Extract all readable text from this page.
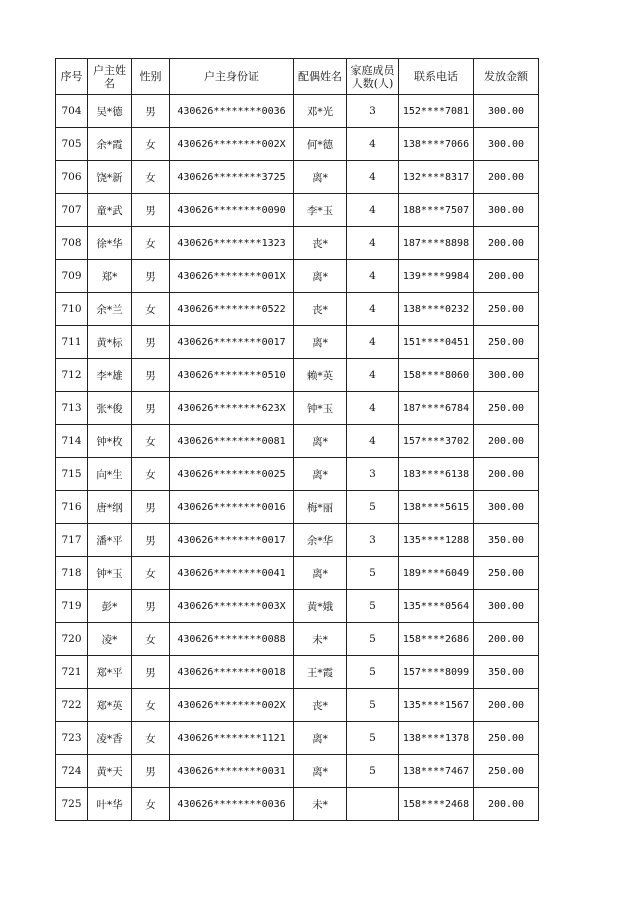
序号	户主姓名	性别	户主身份证	配偶姓名	家庭成员人数(人)	联系电话	发放金额
704	吴*德	男	430626********0036	邓*光	3	152****7081	300.00
705	余*霞	女	430626********002X	何*德	4	138****7066	300.00
706	饶*新	女	430626********3725	离*	4	132****8317	200.00
707	童*武	男	430626********0090	李*玉	4	188****7507	300.00
708	徐*华	女	430626********1323	丧*	4	187****8898	200.00
709	郑*	男	430626********001X	离*	4	139****9984	200.00
710	余*兰	女	430626********0522	丧*	4	138****0232	250.00
711	黄*标	男	430626********0017	离*	4	151****0451	250.00
712	李*雄	男	430626********0510	赖*英	4	158****8060	300.00
713	张*俊	男	430626********623X	钟*玉	4	187****6784	250.00
714	钟*枚	女	430626********0081	离*	4	157****3702	200.00
715	向*生	女	430626********0025	离*	3	183****6138	200.00
716	唐*纲	男	430626********0016	梅*丽	5	138****5615	300.00
717	潘*平	男	430626********0017	余*华	3	135****1288	350.00
718	钟*玉	女	430626********0041	离*	5	189****6049	250.00
719	彭*	男	430626********003X	黄*娥	5	135****0564	300.00
720	凌*	女	430626********0088	未*	5	158****2686	200.00
721	郑*平	男	430626********0018	王*霞	5	157****8099	350.00
722	郑*英	女	430626********002X	丧*	5	135****1567	200.00
723	凌*香	女	430626********1121	离*	5	138****1378	250.00
724	黄*天	男	430626********0031	离*	5	138****7467	250.00
725	叶*华	女	430626********0036	未*		158****2468	200.00
